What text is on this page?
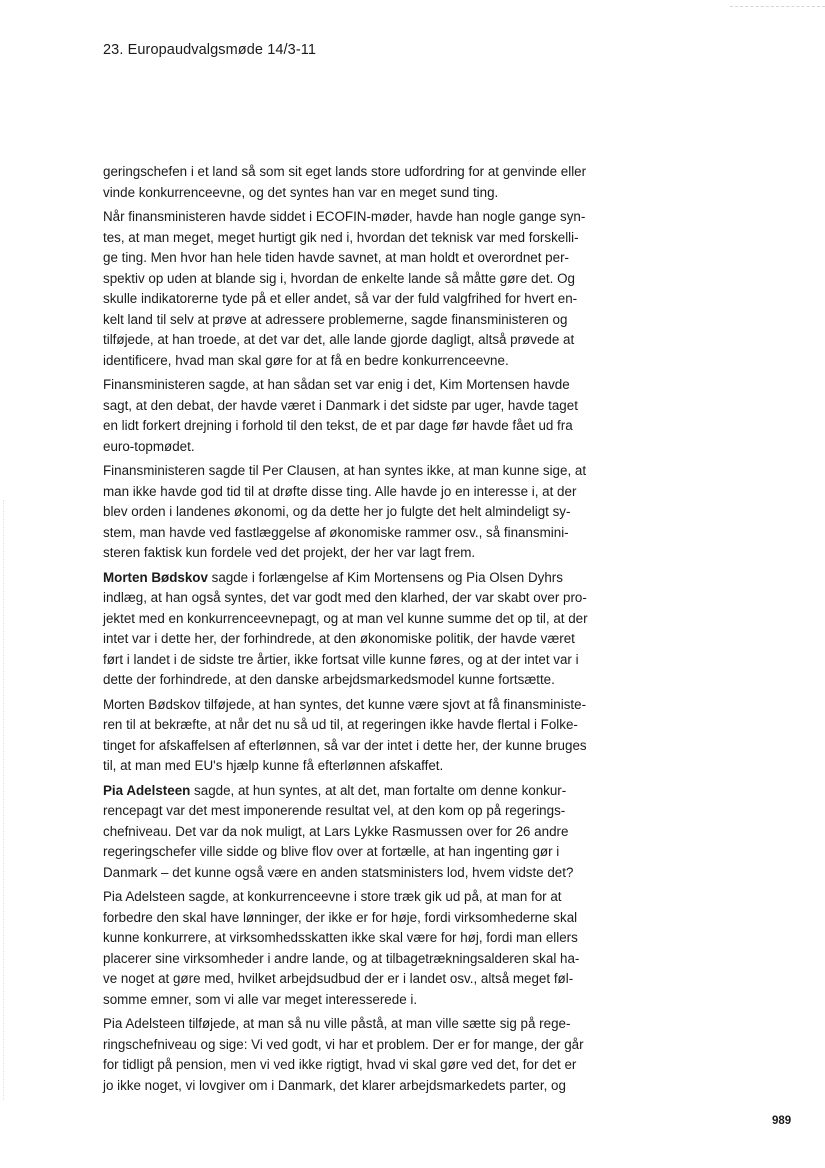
23. Europaudvalgsmøde 14/3-11

geringschefen i et land så som sit eget lands store udfordring for at genvinde eller
vinde konkurrenceevne, og det syntes han var en meget sund ting.

Når finansministeren havde siddet i ECOFIN-møder, havde han nogle gange syn-
tes, at man meget, meget hurtigt gik ned i, hvordan det teknisk var med forskelli-
ge ting. Men hvor han hele tiden havde savnet, at man holdt et overordnet per-
spektiv op uden at blande sig i, hvordan de enkelte lande så måtte gøre det. Og
skulle indikatorerne tyde på et eller andet, så var der fuld valgfrihed for hvert en-
kelt land til selv at prøve at adressere problemerne, sagde finansministeren og
tilføjede, at han troede, at det var det, alle lande gjorde dagligt, altså prøvede at
identificere, hvad man skal gøre for at få en bedre konkurrenceevne.

Finansministeren sagde, at han sådan set var enig i det, Kim Mortensen havde
sagt, at den debat, der havde været i Danmark i det sidste par uger, havde taget
en lidt forkert drejning i forhold til den tekst, de et par dage før havde fået ud fra
euro-topmødet.

Finansministeren sagde til Per Clausen, at han syntes ikke, at man kunne sige, at
man ikke havde god tid til at drøfte disse ting. Alle havde jo en interesse i, at der
blev orden i landenes økonomi, og da dette her jo fulgte det helt almindeligt sy-
stem, man havde ved fastlæggelse af økonomiske rammer osv., så finansmini-
steren faktisk kun fordele ved det projekt, der her var lagt frem.

Morten Bødskov sagde i forlængelse af Kim Mortensens og Pia Olsen Dyhrs
indlæg, at han også syntes, det var godt med den klarhed, der var skabt over pro-
jektet med en konkurrenceevnepagt, og at man vel kunne summe det op til, at der
intet var i dette her, der forhindrede, at den økonomiske politik, der havde været
ført i landet i de sidste tre årtier, ikke fortsat ville kunne føres, og at der intet var i
dette der forhindrede, at den danske arbejdsmarkedsmodel kunne fortsætte.

Morten Bødskov tilføjede, at han syntes, det kunne være sjovt at få finansministe-
ren til at bekræfte, at når det nu så ud til, at regeringen ikke havde flertal i Folke-
tinget for afskaffelsen af efterlønnen, så var der intet i dette her, der kunne bruges
til, at man med EU's hjælp kunne få efterlønnen afskaffet.

Pia Adelsteen sagde, at hun syntes, at alt det, man fortalte om denne konkur-
rencepagt var det mest imponerende resultat vel, at den kom op på regerings-
chefniveau. Det var da nok muligt, at Lars Lykke Rasmussen over for 26 andre
regeringschefer ville sidde og blive flov over at fortælle, at han ingenting gør i
Danmark – det kunne også være en anden statsministers lod, hvem vidste det?

Pia Adelsteen sagde, at konkurrenceevne i store træk gik ud på, at man for at
forbedre den skal have lønninger, der ikke er for høje, fordi virksomhederne skal
kunne konkurrere, at virksomhedsskatten ikke skal være for høj, fordi man ellers
placerer sine virksomheder i andre lande, og at tilbagetrækningsalderen skal ha-
ve noget at gøre med, hvilket arbejdsudbud der er i landet osv., altså meget føl-
somme emner, som vi alle var meget interesserede i.

Pia Adelsteen tilføjede, at man så nu ville påstå, at man ville sætte sig på rege-
ringschefniveau og sige: Vi ved godt, vi har et problem. Der er for mange, der går
for tidligt på pension, men vi ved ikke rigtigt, hvad vi skal gøre ved det, for det er
jo ikke noget, vi lovgiver om i Danmark, det klarer arbejdsmarkedets parter, og

989
